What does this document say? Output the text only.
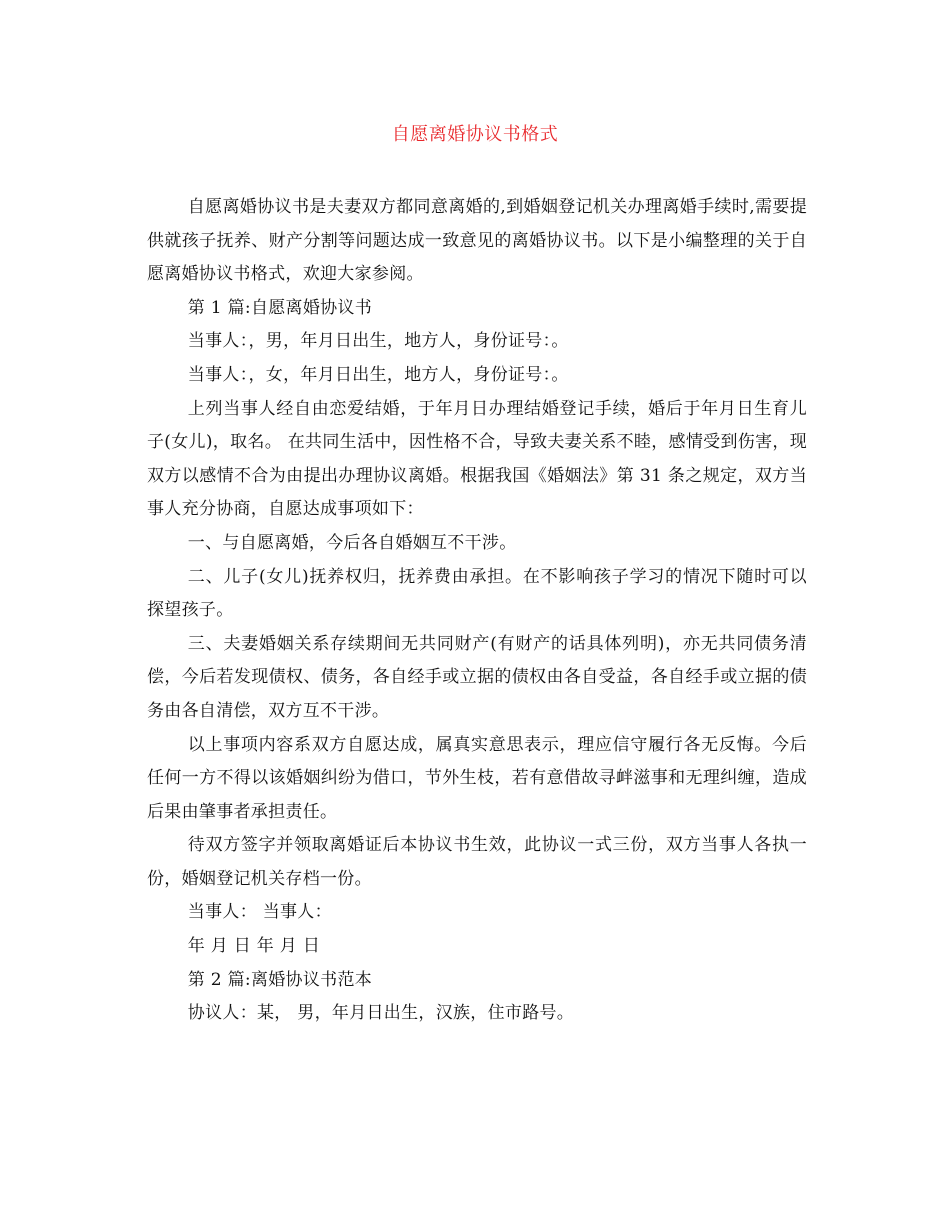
自愿离婚协议书格式

自愿离婚协议书是夫妻双方都同意离婚的,到婚姻登记机关办理离婚手续时,需要提供就孩子抚养、财产分割等问题达成一致意见的离婚协议书。以下是小编整理的关于自愿离婚协议书格式，欢迎大家参阅。

第 1 篇:自愿离婚协议书

当事人：，男，年月日出生，地方人，身份证号：。

当事人：，女，年月日出生，地方人，身份证号：。

上列当事人经自由恋爱结婚，于年月日办理结婚登记手续，婚后于年月日生育儿子(女儿)，取名。 在共同生活中，因性格不合，导致夫妻关系不睦，感情受到伤害，现双方以感情不合为由提出办理协议离婚。根据我国《婚姻法》第 31 条之规定，双方当事人充分协商，自愿达成事项如下：

一、与自愿离婚，今后各自婚姻互不干涉。

二、儿子(女儿)抚养权归，抚养费由承担。在不影响孩子学习的情况下随时可以探望孩子。

三、夫妻婚姻关系存续期间无共同财产(有财产的话具体列明)，亦无共同债务清偿，今后若发现债权、债务，各自经手或立据的债权由各自受益，各自经手或立据的债务由各自清偿，双方互不干涉。

以上事项内容系双方自愿达成，属真实意思表示，理应信守履行各无反悔。今后任何一方不得以该婚姻纠纷为借口，节外生枝，若有意借故寻衅滋事和无理纠缠，造成后果由肇事者承担责任。

待双方签字并领取离婚证后本协议书生效，此协议一式三份，双方当事人各执一份，婚姻登记机关存档一份。

当事人： 当事人：

年 月 日 年 月 日

第 2 篇:离婚协议书范本

协议人：某， 男，年月日出生，汉族，住市路号。
